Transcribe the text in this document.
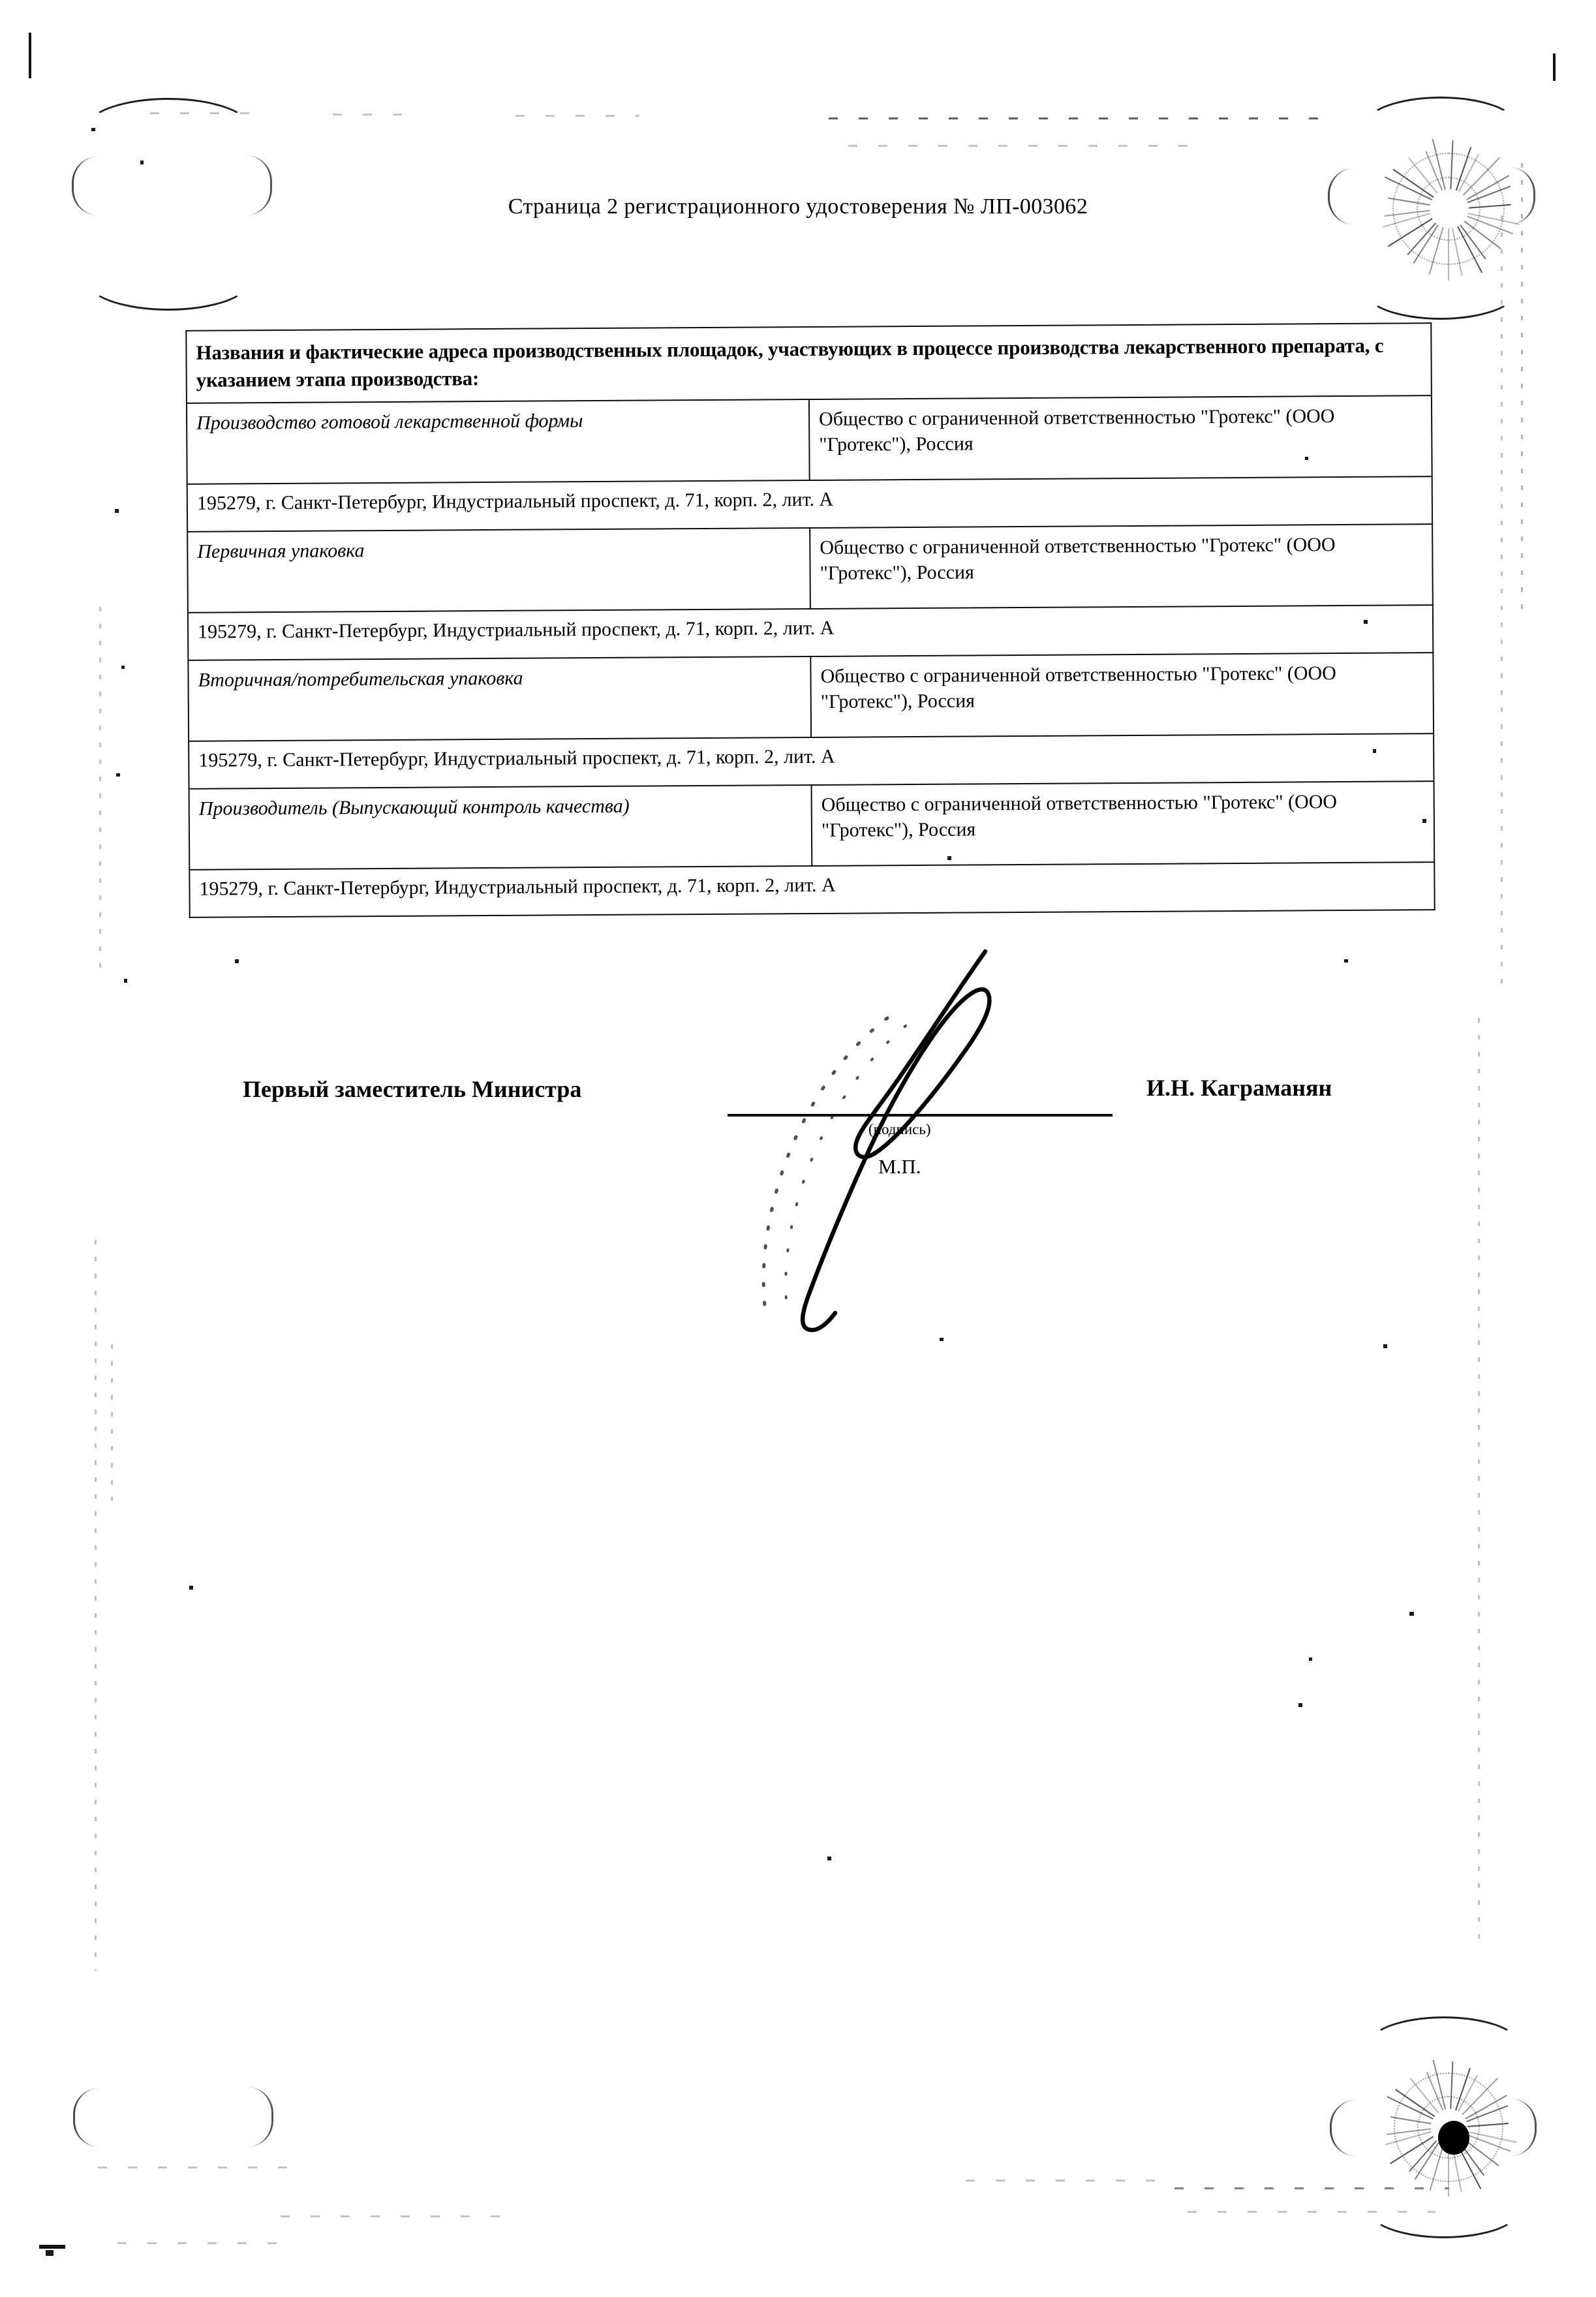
Страница 2 регистрационного удостоверения № ЛП-003062
Названия и фактические адреса производственных площадок, участвующих в процессе производства лекарственного препарата, с указанием этапа производства:	
Производство готовой лекарственной формы	Общество с ограниченной ответственностью "Гротекс" (ООО "Гротекс"), Россия
195279, г. Санкт-Петербург, Индустриальный проспект, д. 71, корп. 2, лит. А	
Первичная упаковка	Общество с ограниченной ответственностью "Гротекс" (ООО "Гротекс"), Россия
195279, г. Санкт-Петербург, Индустриальный проспект, д. 71, корп. 2, лит. А	
Вторичная/потребительская упаковка	Общество с ограниченной ответственностью "Гротекс" (ООО "Гротекс"), Россия
195279, г. Санкт-Петербург, Индустриальный проспект, д. 71, корп. 2, лит. А	
Производитель (Выпускающий контроль качества)	Общество с ограниченной ответственностью "Гротекс" (ООО "Гротекс"), Россия
195279, г. Санкт-Петербург, Индустриальный проспект, д. 71, корп. 2, лит. А	
Первый заместитель Министра
(подпись)
М.П.
И.Н. Каграманян
